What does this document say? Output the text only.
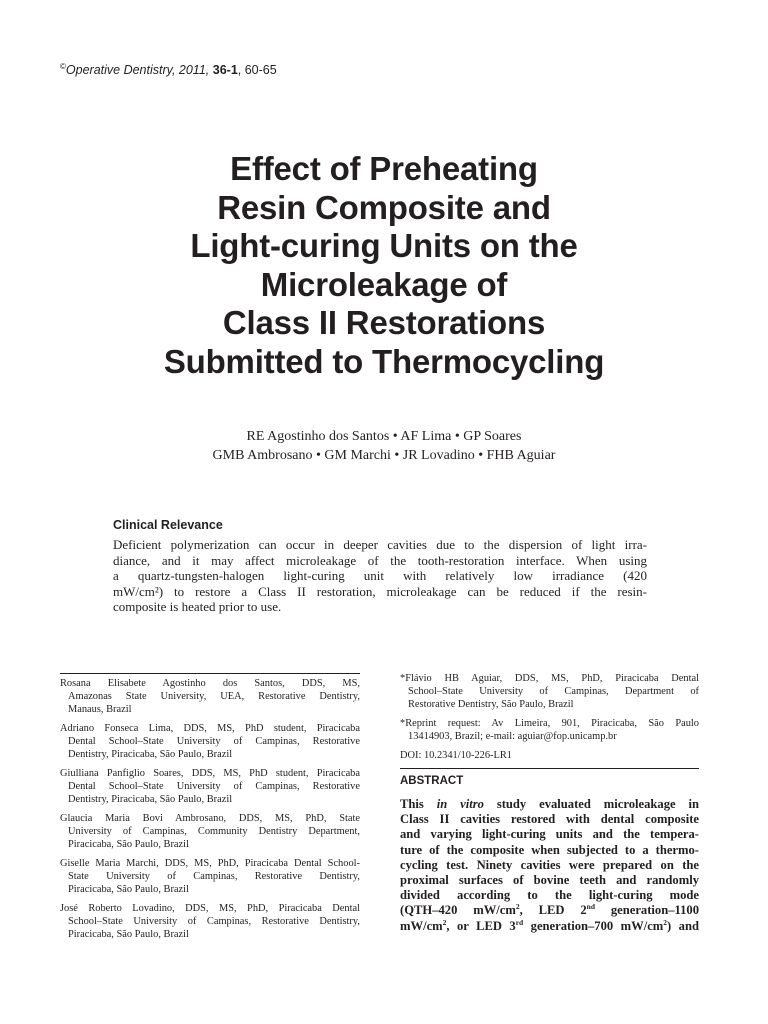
©Operative Dentistry, 2011, 36-1, 60-65
Effect of Preheating
Resin Composite and
Light-curing Units on the
Microleakage of
Class II Restorations
Submitted to Thermocycling
RE Agostinho dos Santos • AF Lima • GP Soares
GMB Ambrosano • GM Marchi • JR Lovadino • FHB Aguiar
Clinical Relevance
Deficient polymerization can occur in deeper cavities due to the dispersion of light irra-
diance, and it may affect microleakage of the tooth-restoration interface. When using
a quartz-tungsten-halogen light-curing unit with relatively low irradiance (420
mW/cm²) to restore a Class II restoration, microleakage can be reduced if the resin-
composite is heated prior to use.

Rosana Elisabete Agostinho dos Santos, DDS, MS,
Amazonas State University, UEA, Restorative Dentistry,
Manaus, Brazil

Adriano Fonseca Lima, DDS, MS, PhD student, Piracicaba
Dental School–State University of Campinas, Restorative
Dentistry, Piracicaba, São Paulo, Brazil

Giulliana Panfiglio Soares, DDS, MS, PhD student, Piracicaba
Dental School–State University of Campinas, Restorative
Dentistry, Piracicaba, São Paulo, Brazil

Glaucia Maria Bovi Ambrosano, DDS, MS, PhD, State
University of Campinas, Community Dentistry Department,
Piracicaba, São Paulo, Brazil

Giselle Maria Marchi, DDS, MS, PhD, Piracicaba Dental School-
State University of Campinas, Restorative Dentistry,
Piracicaba, São Paulo, Brazil

José Roberto Lovadino, DDS, MS, PhD, Piracicaba Dental
School–State University of Campinas, Restorative Dentistry,
Piracicaba, São Paulo, Brazil

*Flávio HB Aguiar, DDS, MS, PhD, Piracicaba Dental
School–State University of Campinas, Department of
Restorative Dentistry, São Paulo, Brazil

*Reprint request: Av Limeira, 901, Piracicaba, São Paulo
13414903, Brazil; e-mail: aguiar@fop.unicamp.br

DOI: 10.2341/10-226-LR1

ABSTRACT
This in vitro study evaluated microleakage in
Class II cavities restored with dental composite
and varying light-curing units and the tempera-
ture of the composite when subjected to a thermo-
cycling test. Ninety cavities were prepared on the
proximal surfaces of bovine teeth and randomly
divided according to the light-curing mode
(QTH–420 $mW/cm^2$, LED 2nd generation–1100
$mW/cm^2$, or LED 3rd generation–700 $mW/cm^2$) and
